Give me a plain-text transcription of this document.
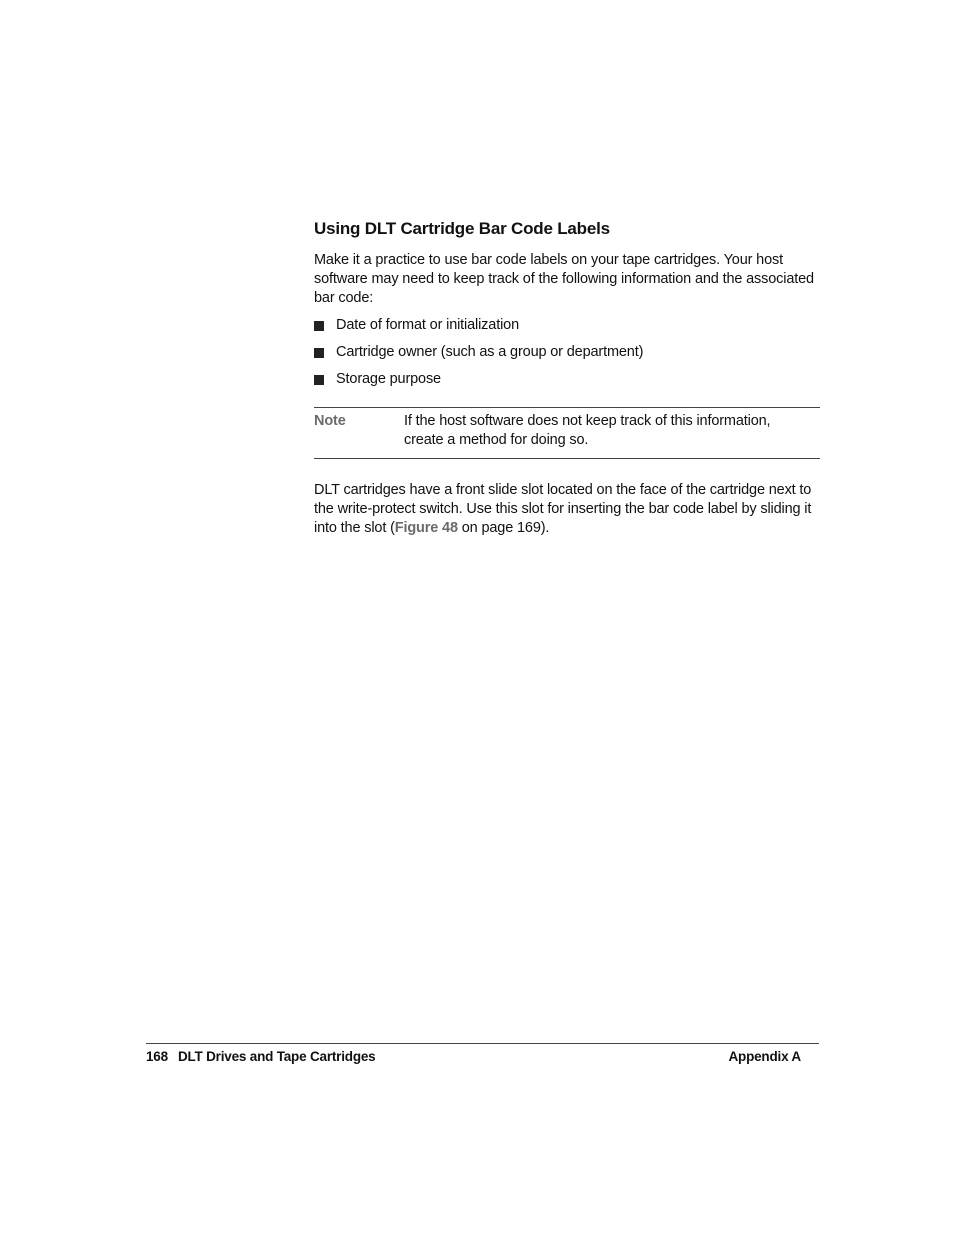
Using DLT Cartridge Bar Code Labels

Make it a practice to use bar code labels on your tape cartridges. Your host software may need to keep track of the following information and the associated bar code:

Date of format or initialization
Cartridge owner (such as a group or department)
Storage purpose
Note	If the host software does not keep track of this information, create a method for doing so.

DLT cartridges have a front slide slot located on the face of the cartridge next to the write-protect switch. Use this slot for inserting the bar code label by sliding it into the slot (Figure 48 on page 169).

168 DLT Drives and Tape Cartridges	Appendix A
